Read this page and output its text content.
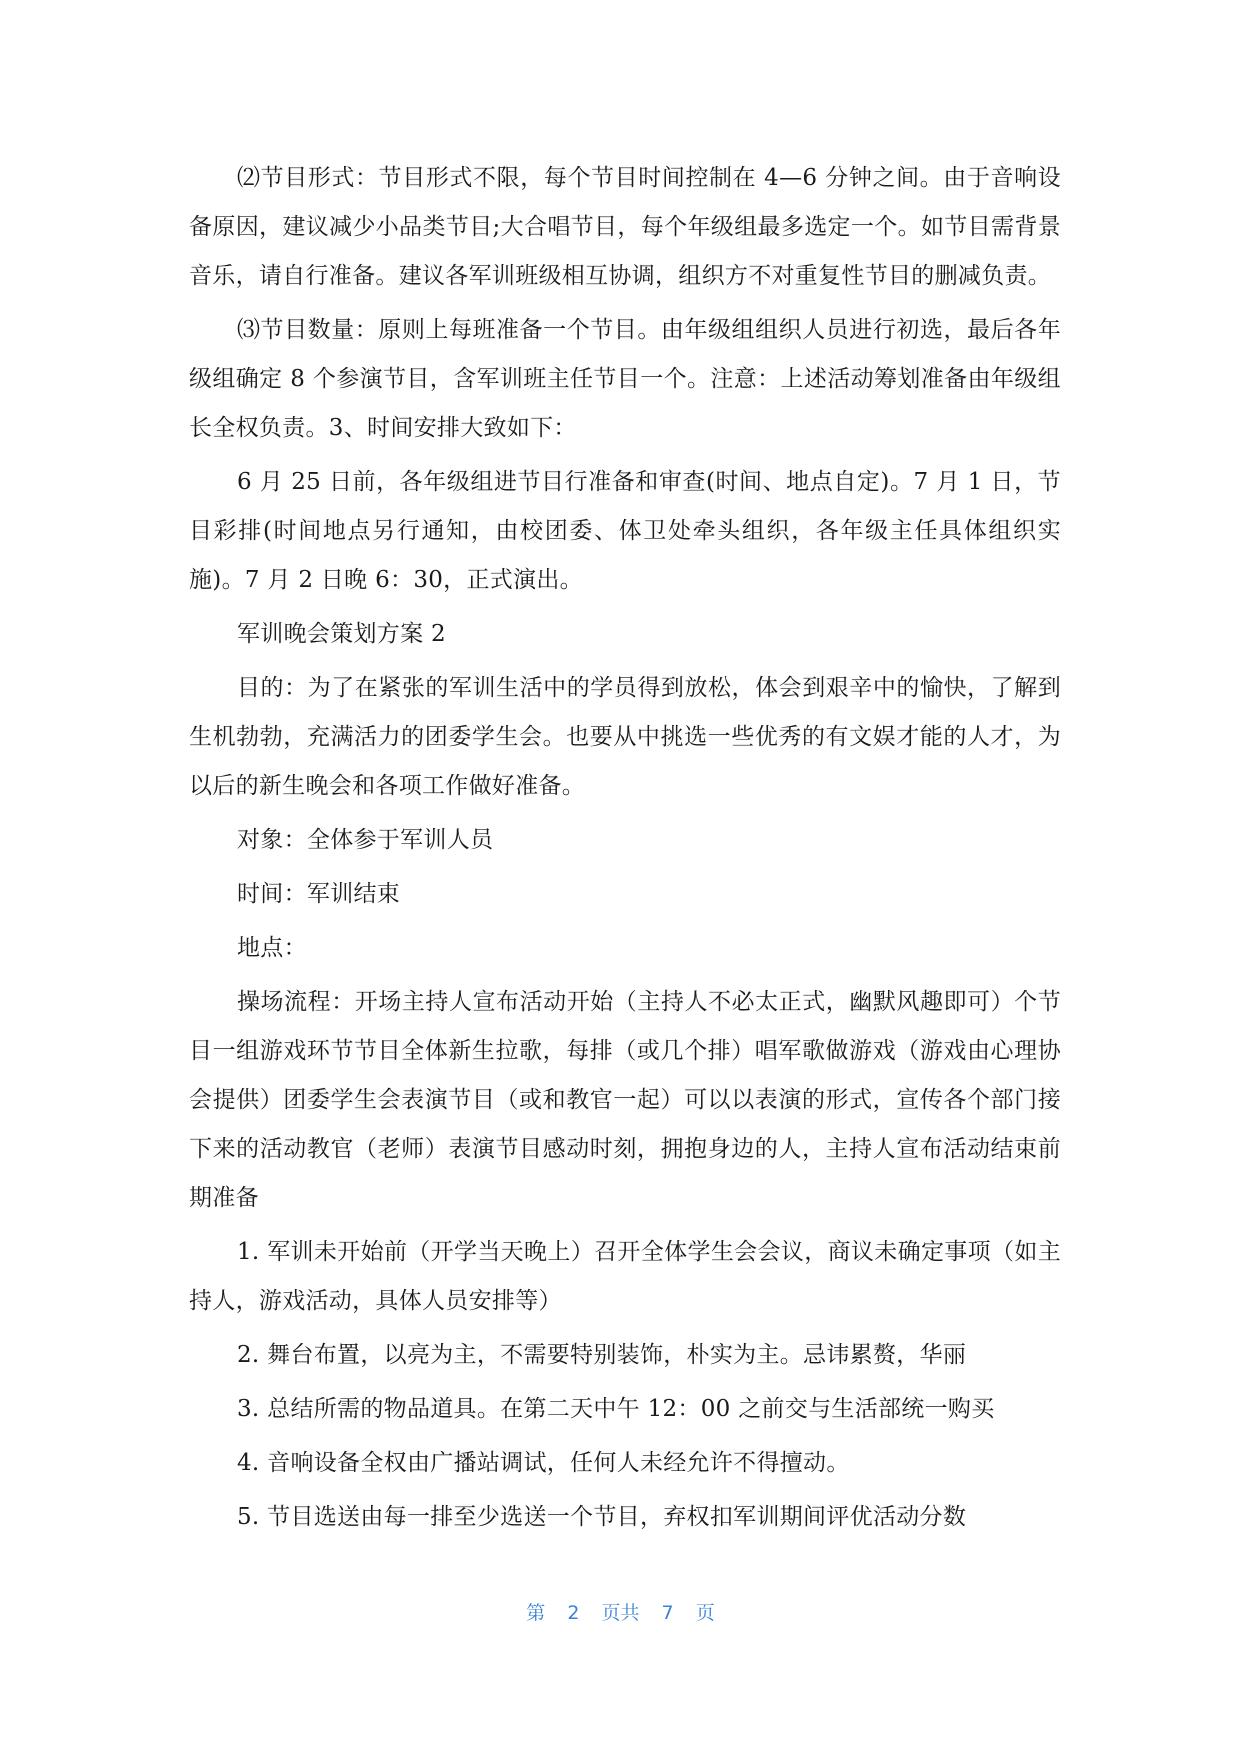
⑵节目形式：节目形式不限，每个节目时间控制在 4—6 分钟之间。由于音响设备原因，建议减少小品类节目;大合唱节目，每个年级组最多选定一个。如节目需背景音乐，请自行准备。建议各军训班级相互协调，组织方不对重复性节目的删减负责。

⑶节目数量：原则上每班准备一个节目。由年级组组织人员进行初选，最后各年级组确定 8 个参演节目，含军训班主任节目一个。注意：上述活动筹划准备由年级组长全权负责。3、时间安排大致如下：

6 月 25 日前，各年级组进节目行准备和审查(时间、地点自定)。7 月 1 日，节目彩排(时间地点另行通知，由校团委、体卫处牵头组织，各年级主任具体组织实施)。7 月 2 日晚 6：30，正式演出。

军训晚会策划方案 2

目的：为了在紧张的军训生活中的学员得到放松，体会到艰辛中的愉快，了解到生机勃勃，充满活力的团委学生会。也要从中挑选一些优秀的有文娱才能的人才，为以后的新生晚会和各项工作做好准备。

对象：全体参于军训人员

时间：军训结束

地点：

操场流程：开场主持人宣布活动开始（主持人不必太正式，幽默风趣即可）个节目一组游戏环节节目全体新生拉歌，每排（或几个排）唱军歌做游戏（游戏由心理协会提供）团委学生会表演节目（或和教官一起）可以以表演的形式，宣传各个部门接下来的活动教官（老师）表演节目感动时刻，拥抱身边的人，主持人宣布活动结束前期准备

1. 军训未开始前（开学当天晚上）召开全体学生会会议，商议未确定事项（如主持人，游戏活动，具体人员安排等）

2. 舞台布置，以亮为主，不需要特别装饰，朴实为主。忌讳累赘，华丽

3. 总结所需的物品道具。在第二天中午 12：00 之前交与生活部统一购买

4. 音响设备全权由广播站调试，任何人未经允许不得擅动。

5. 节目选送由每一排至少选送一个节目，弃权扣军训期间评优活动分数

第 2 页共 7 页
